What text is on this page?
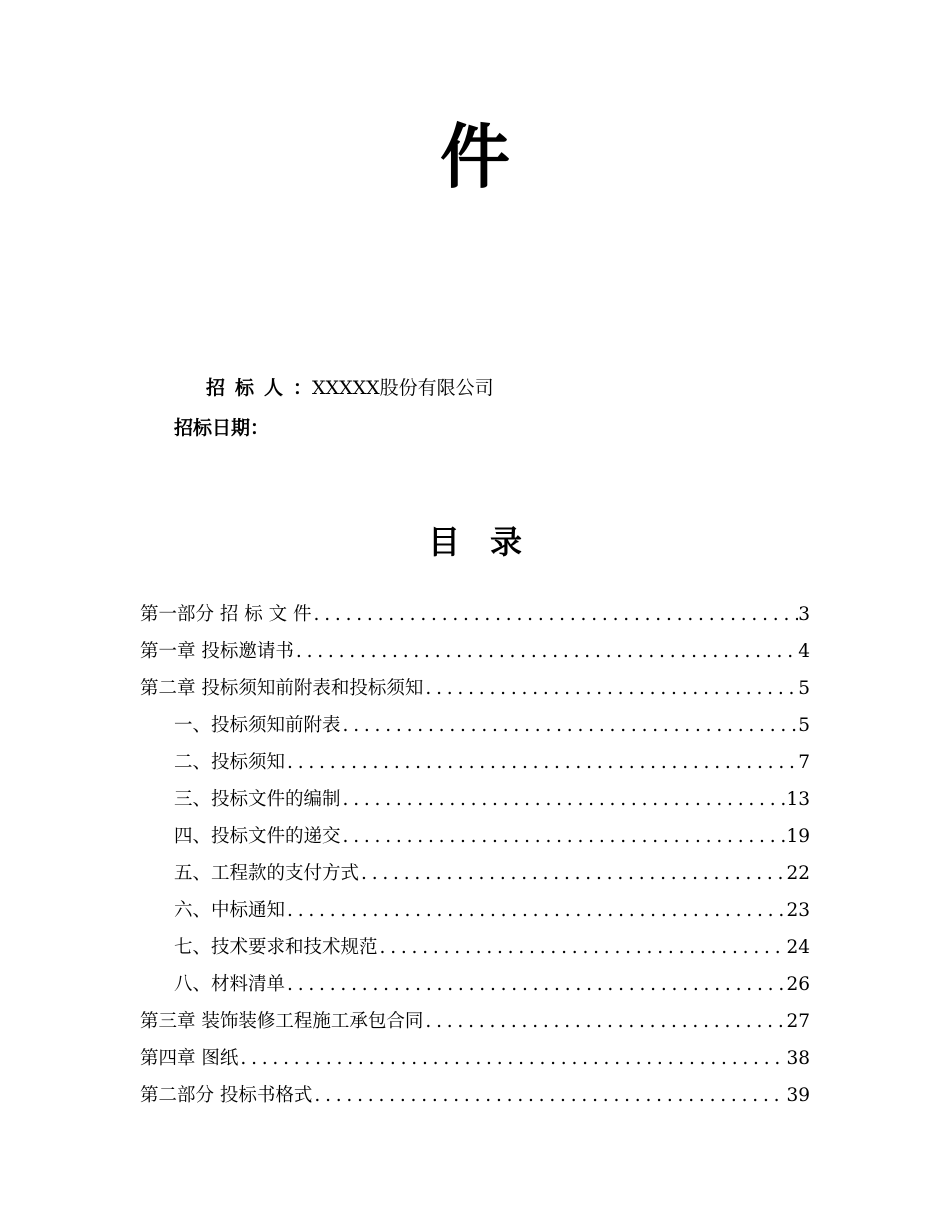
件
招标人：XXXXX股份有限公司
招标日期：
目录
第一部分 招 标 文 件 .....	3
第一章 投标邀请书 .....	4
第二章 投标须知前附表和投标须知 .....	5
一、投标须知前附表 .....	5
二、投标须知 .....	7
三、投标文件的编制 .....	13
四、投标文件的递交 .....	19
五、工程款的支付方式 .....	22
六、中标通知 .....	23
七、技术要求和技术规范 .....	24
八、材料清单 .....	26
第三章 装饰装修工程施工承包合同 .....	27
第四章 图纸 .....	38
第二部分 投标书格式 .....	39
